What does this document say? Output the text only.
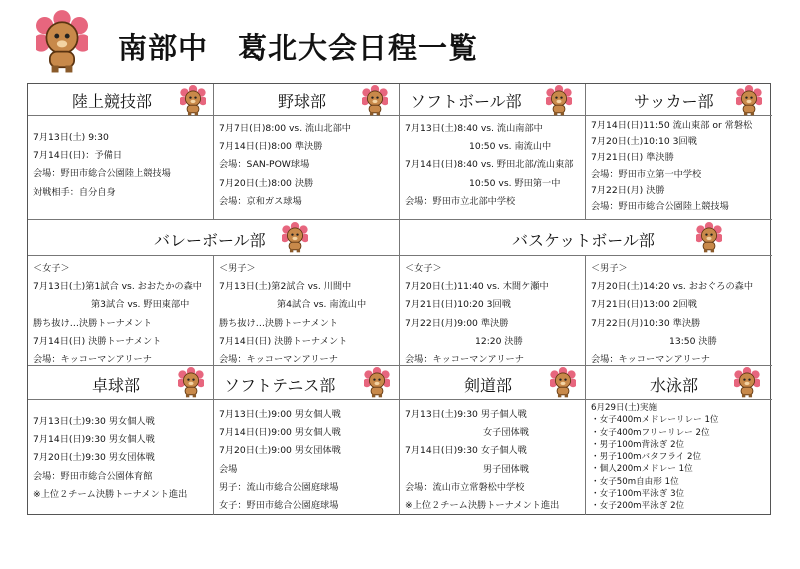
南部中　葛北大会日程一覧
陸上競技部	野球部	ソフトボール部	サッカー部
7月13日(土) 9:30
7月14日(日)：予備日
会場：野田市総合公園陸上競技場
対戦相手：自分自身
7月7日(日)8:00 vs. 流山北部中
7月14日(日)8:00 準決勝
会場：SAN-POW球場
7月20日(土)8:00 決勝
会場：京和ガス球場
7月13日(土)8:40 vs. 流山南部中
10:50 vs. 南流山中
7月14日(日)8:40 vs. 野田北部/流山東部
10:50 vs. 野田第一中
会場：野田市立北部中学校
7月14日(日)11:50 流山東部 or 常磐松
7月20日(土)10:10 3回戦
7月21日(日) 準決勝
会場：野田市立第一中学校
7月22日(月) 決勝
会場：野田市総合公園陸上競技場
バレーボール部	バスケットボール部
＜女子＞
7月13日(土)第1試合 vs. おおたかの森中
第3試合 vs. 野田東部中
勝ち抜け…決勝トーナメント
7月14日(日) 決勝トーナメント
会場：キッコーマンアリーナ
＜男子＞
7月13日(土)第2試合 vs. 川間中
第4試合 vs. 南流山中
勝ち抜け…決勝トーナメント
7月14日(日) 決勝トーナメント
会場：キッコーマンアリーナ
＜女子＞
7月20日(土)11:40 vs. 木間ケ瀬中
7月21日(日)10:20 3回戦
7月22日(月)9:00 準決勝
12:20 決勝
会場：キッコーマンアリーナ
＜男子＞
7月20日(土)14:20 vs. おおぐろの森中
7月21日(日)13:00 2回戦
7月22日(月)10:30 準決勝
13:50 決勝
会場：キッコーマンアリーナ
卓球部	ソフトテニス部	剣道部	水泳部
7月13日(土)9:30 男女個人戦
7月14日(日)9:30 男女個人戦
7月20日(土)9:30 男女団体戦
会場：野田市総合公園体育館
※上位２チーム決勝トーナメント進出
7月13日(土)9:00 男女個人戦
7月14日(日)9:00 男女個人戦
7月20日(土)9:00 男女団体戦
会場
男子：流山市総合公園庭球場
女子：野田市総合公園庭球場
7月13日(土)9:30 男子個人戦
女子団体戦
7月14日(日)9:30 女子個人戦
男子団体戦
会場：流山市立常磐松中学校
※上位２チーム決勝トーナメント進出
6月29日(土)実施
・女子400mメドレーリレー 1位
・女子400mフリーリレー 2位
・男子100m背泳ぎ 2位
・男子100mバタフライ 2位
・個人200mメドレー 1位
・女子50m自由形 1位
・女子100m平泳ぎ 3位
・女子200m平泳ぎ 2位
